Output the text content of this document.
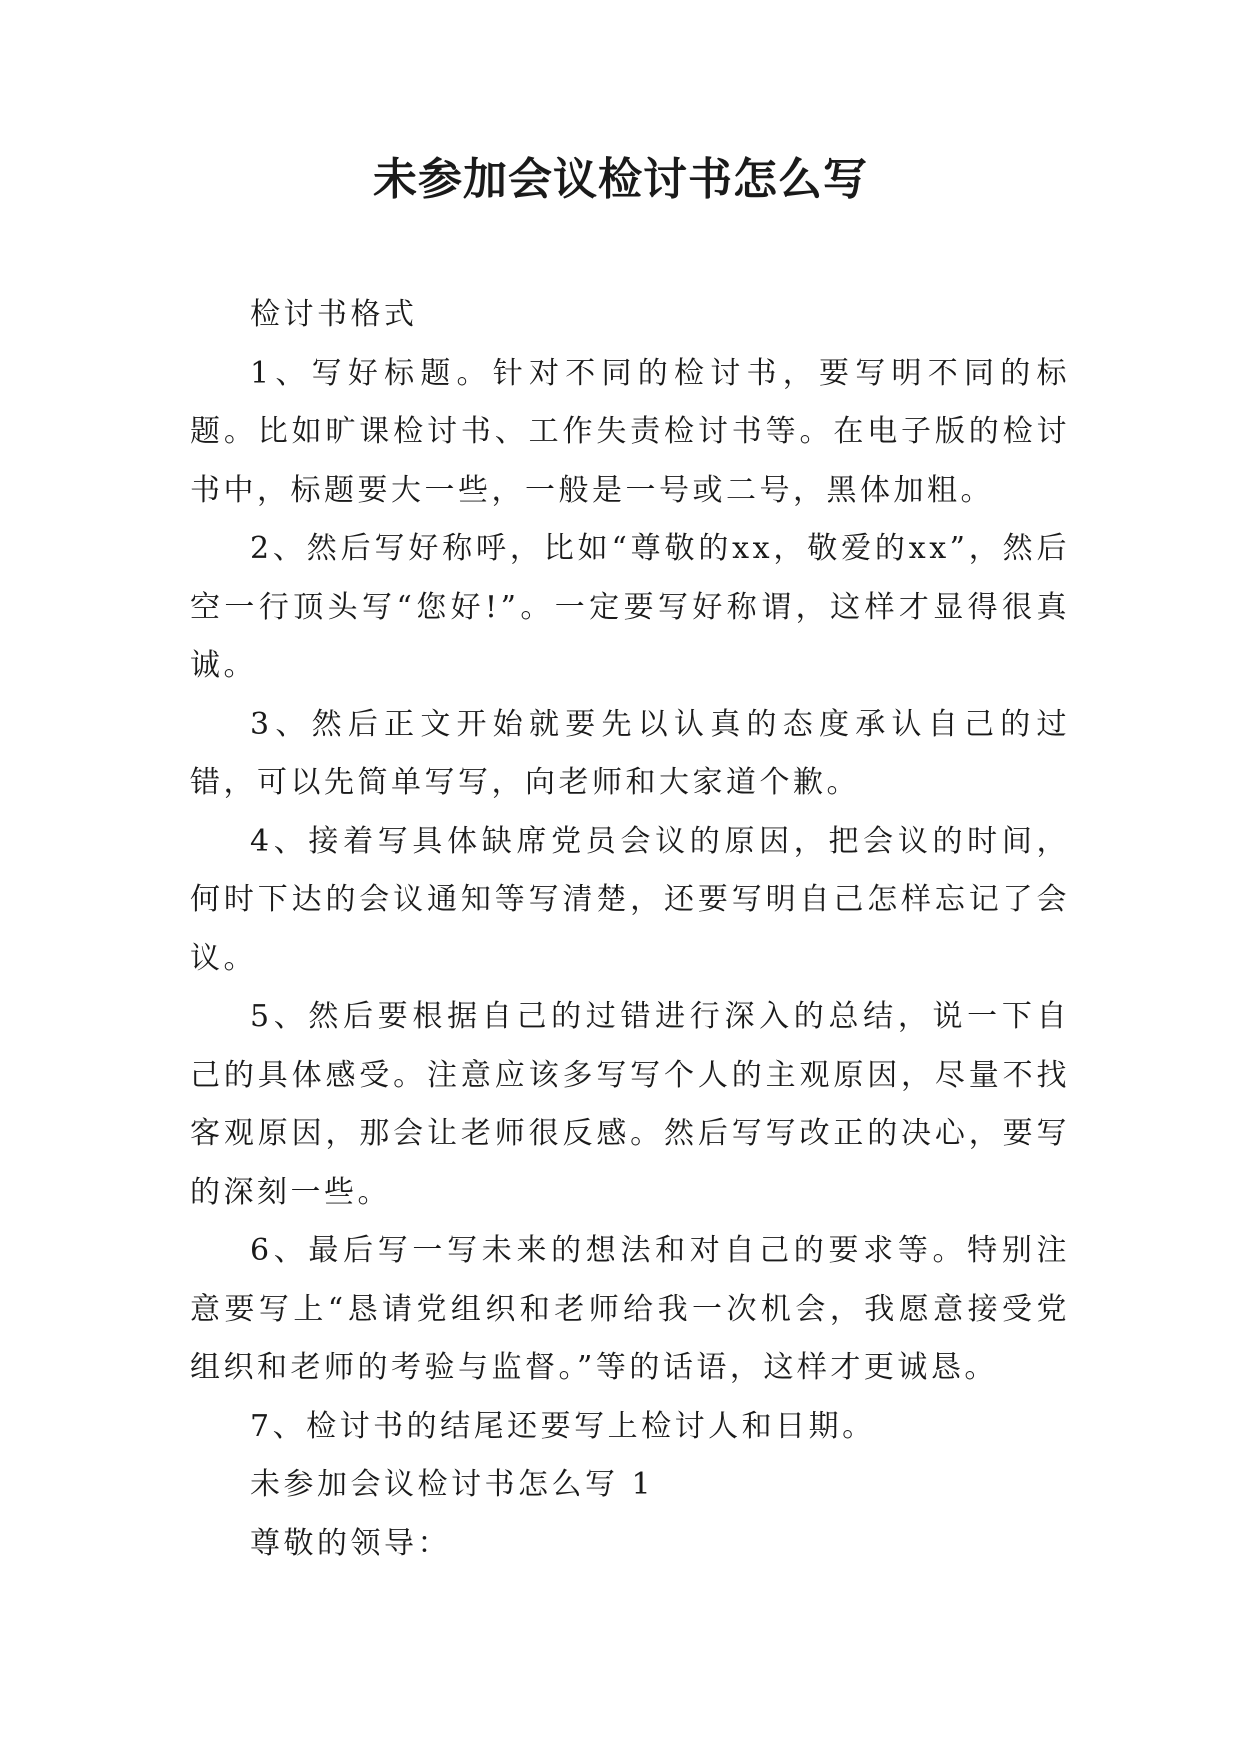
未参加会议检讨书怎么写

检讨书格式

1、写好标题。针对不同的检讨书，要写明不同的标题。比如旷课检讨书、工作失责检讨书等。在电子版的检讨书中，标题要大一些，一般是一号或二号，黑体加粗。

2、然后写好称呼，比如“尊敬的xx，敬爱的xx”，然后空一行顶头写“您好!”。一定要写好称谓，这样才显得很真诚。

3、然后正文开始就要先以认真的态度承认自己的过错，可以先简单写写，向老师和大家道个歉。

4、接着写具体缺席党员会议的原因，把会议的时间，何时下达的会议通知等写清楚，还要写明自己怎样忘记了会议。

5、然后要根据自己的过错进行深入的总结，说一下自己的具体感受。注意应该多写写个人的主观原因，尽量不找客观原因，那会让老师很反感。然后写写改正的决心，要写的深刻一些。

6、最后写一写未来的想法和对自己的要求等。特别注意要写上“恳请党组织和老师给我一次机会，我愿意接受党组织和老师的考验与监督。”等的话语，这样才更诚恳。

7、检讨书的结尾还要写上检讨人和日期。

未参加会议检讨书怎么写 1

尊敬的领导：
